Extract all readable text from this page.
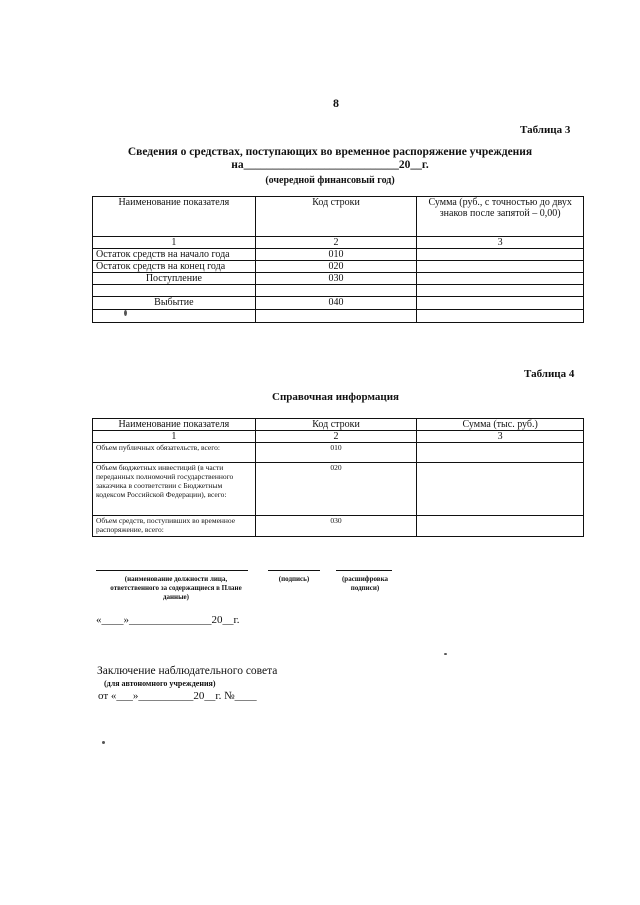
8
Таблица 3
Сведения о средствах, поступающих во временное распоряжение учреждения
на___________________________20__г.
(очередной финансовый год)
Наименование показателя	Код строки	Сумма (руб., с точностью до двух знаков после запятой – 0,00)
1	2	3
Остаток средств на начало года	010	
Остаток средств на конец года	020	
Поступление	030	

Выбытие	040	

Таблица 4
Справочная информация
Наименование показателя	Код строки	Сумма (тыс. руб.)
1	2	3
Объем публичных обязательств, всего:	010	
Объем бюджетных инвестиций (в части переданных полномочий государственного заказчика в соответствии с Бюджетным кодексом Российской Федерации), всего:	020	
Объем средств, поступивших во временное распоряжение, всего:	030	
(наименование должности лица, ответственного за содержащиеся в Плане данные)
(подпись)	(расшифровка подписи)
«____»_______________20__г.
Заключение наблюдательного совета
(для автономного учреждения)
от «___»__________20__г. №____
